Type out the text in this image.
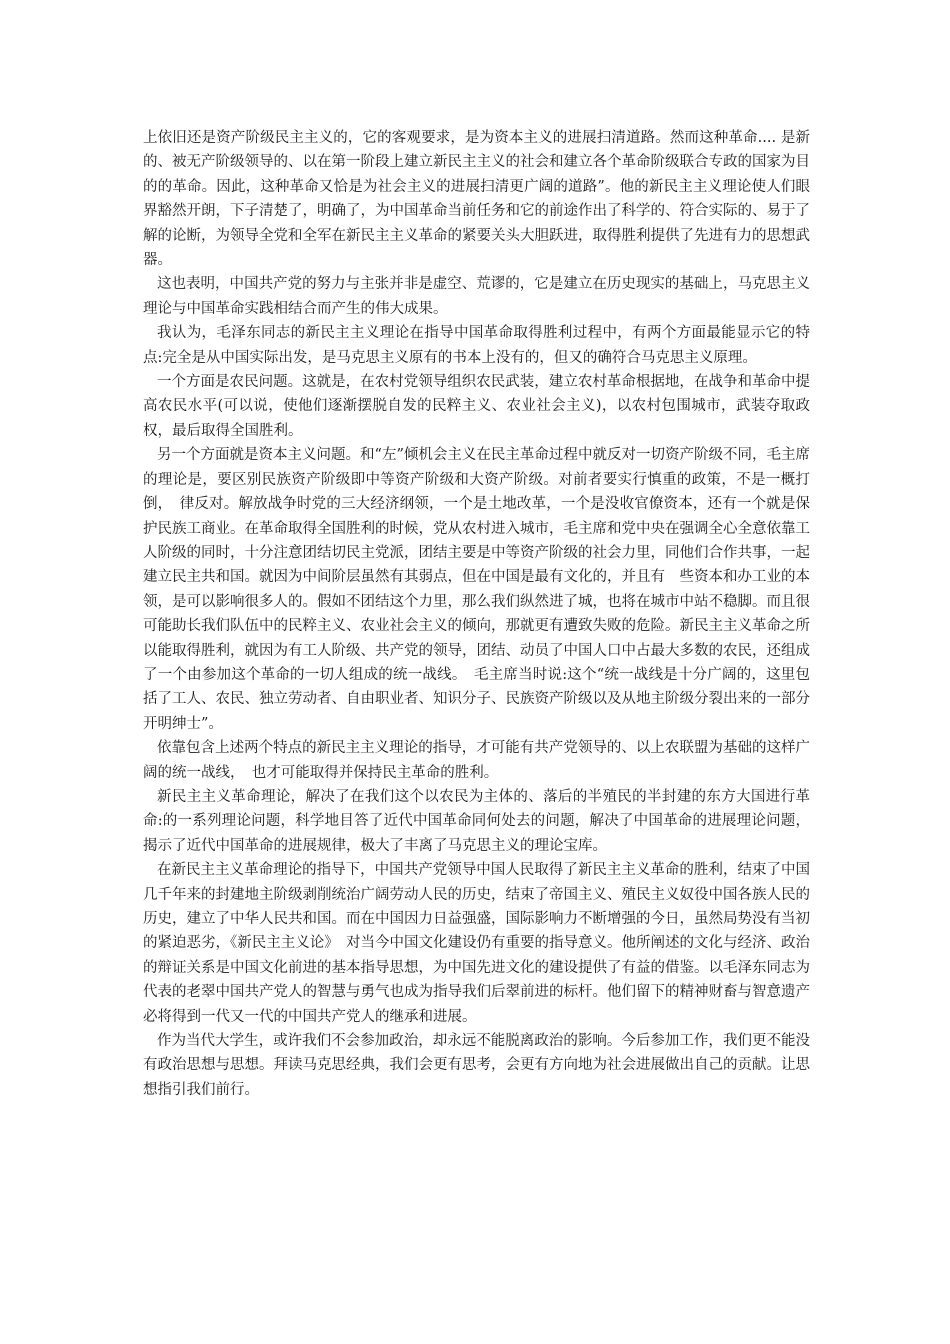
上依旧还是资产阶级民主主义的，它的客观要求，是为资本主义的进展扫清道路。然而这种革命.... 是新的、被无产阶级领导的、以在第一阶段上建立新民主主义的社会和建立各个革命阶级联合专政的国家为目的的革命。因此，这种革命又恰是为社会主义的进展扫清更广阔的道路”。他的新民主主义理论使人们眼界豁然开朗，下子清楚了，明确了，为中国革命当前任务和它的前途作出了科学的、符合实际的、易于了解的论断，为领导全党和全军在新民主主义革命的紧要关头大胆跃进，取得胜利提供了先进有力的思想武器。

这也表明，中国共产党的努力与主张并非是虚空、荒谬的，它是建立在历史现实的基础上，马克思主义理论与中国革命实践相结合而产生的伟大成果。

我认为，毛泽东同志的新民主主义理论在指导中国革命取得胜利过程中，有两个方面最能显示它的特点:完全是从中国实际出发，是马克思主义原有的书本上没有的，但又的确符合马克思主义原理。

一个方面是农民问题。这就是，在农村党领导组织农民武装，建立农村革命根据地，在战争和革命中提高农民水平(可以说，使他们逐渐摆脱自发的民粹主义、农业社会主义)，以农村包围城市，武装夺取政权，最后取得全国胜利。

另一个方面就是资本主义问题。和“左”倾机会主义在民主革命过程中就反对一切资产阶级不同，毛主席的理论是，要区别民族资产阶级即中等资产阶级和大资产阶级。对前者要实行慎重的政策，不是一概打倒，　律反对。解放战争时党的三大经济纲领，一个是土地改革，一个是没收官僚资本，还有一个就是保护民族工商业。在革命取得全国胜利的时候，党从农村进入城市，毛主席和党中央在强调全心全意依靠工人阶级的同时，十分注意团结切民主党派，团结主要是中等资产阶级的社会力里，同他们合作共事，一起建立民主共和国。就因为中间阶层虽然有其弱点，但在中国是最有文化的，并且有　些资本和办工业的本领，是可以影响很多人的。假如不团结这个力里，那么我们纵然进了城，也将在城市中站不稳脚。而且很可能助长我们队伍中的民粹主义、农业社会主义的倾向，那就更有遭致失败的危险。新民主主义革命之所以能取得胜利，就因为有工人阶级、共产党的领导，团结、动员了中国人口中占最大多数的农民，还组成了一个由参加这个革命的一切人组成的统一战线。　毛主席当时说:这个“统一战线是十分广阔的，这里包括了工人、农民、独立劳动者、自由职业者、知识分子、民族资产阶级以及从地主阶级分裂出来的一部分开明绅士”。

依靠包含上述两个特点的新民主主义理论的指导，才可能有共产党领导的、以上农联盟为基础的这样广阔的统一战线，　也才可能取得并保持民主革命的胜利。

新民主主义革命理论，解决了在我们这个以农民为主体的、落后的半殖民的半封建的东方大国进行革命:的一系列理论问题，科学地目答了近代中国革命同何处去的问题，解决了中国革命的进展理论问题，揭示了近代中国革命的进展规律，极大了丰离了马克思主义的理论宝库。

在新民主主义革命理论的指导下，中国共产党领导中国人民取得了新民主主义革命的胜利，结束了中国几千年来的封建地主阶级剥削统治广阔劳动人民的历史，结束了帝国主义、殖民主义奴役中国各族人民的历史，建立了中华人民共和国。而在中国因力日益强盛，国际影响力不断增强的今日，虽然局势没有当初的紧迫恶劣，《新民主主义论》　对当今中国文化建设仍有重要的指导意义。他所阐述的文化与经济、政治的辩证关系是中国文化前进的基本指导思想，为中国先进文化的建设提供了有益的借鉴。以毛泽东同志为代表的老翠中国共产党人的智慧与勇气也成为指导我们后翠前进的标杆。他们留下的精神财畜与智意遗产必将得到一代又一代的中国共产党人的继承和进展。

作为当代大学生，或许我们不会参加政治，却永远不能脱离政治的影响。今后参加工作，我们更不能没有政治思想与思想。拜读马克思经典，我们会更有思考，会更有方向地为社会进展做出自己的贡献。让思想指引我们前行。
